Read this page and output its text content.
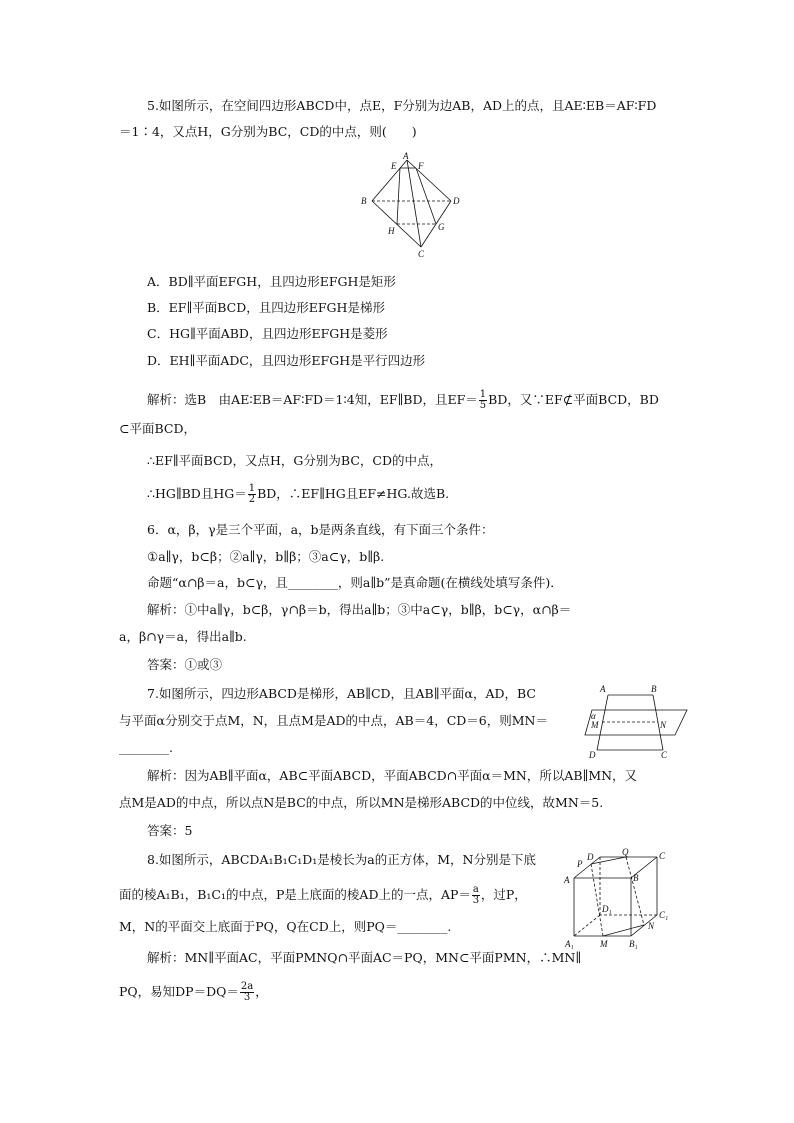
5.如图所示，在空间四边形ABCD中，点E，F分别为边AB，AD上的点，且AE∶EB＝AF∶FD
＝1∶4，又点H，G分别为BC，CD的中点，则(　　)
A
E F
B	D
H	G
C
A．BD∥平面EFGH，且四边形EFGH是矩形
B．EF∥平面BCD，且四边形EFGH是梯形
C．HG∥平面ABD，且四边形EFGH是菱形
D．EH∥平面ADC，且四边形EFGH是平行四边形
解析：选B　由AE∶EB＝AF∶FD＝1∶4知，EF∥BD，且$EF= \frac{1}{5}$ BD，又∵EF⊄平面BCD，BD
⊂平面BCD，
∴EF∥平面BCD，又点H，G分别为BC，CD的中点，
∴HG∥BD且$HG= \frac{1}{2}$ BD，∴EF∥HG且EF≠HG.故选B.
6．α，β，γ是三个平面，a，b是两条直线，有下面三个条件：
①a∥γ，b⊂β；②a∥γ，b∥β；③a⊂γ，b∥β.
命题“α∩β＝a，b⊂γ，且________，则a∥b”是真命题(在横线处填写条件)．
解析：①中a∥γ，b⊂β，γ∩β＝b，得出a∥b；③中a⊂γ，b∥β，b⊂γ，α∩β＝
a，β∩γ＝a，得出a∥b.
答案：①或③
7.如图所示，四边形ABCD是梯形，AB∥CD，且AB∥平面α，AD，BC
与平面α分别交于点M，N，且点M是AD的中点，AB＝4，CD＝6，则MN＝
________.
A	B
α
M	N
D	C
解析：因为AB∥平面α，AB⊂平面ABCD，平面ABCD∩平面α＝MN，所以AB∥MN，又
点M是AD的中点，所以点N是BC的中点，所以MN是梯形ABCD的中位线，故MN＝5.
答案：5
8.如图所示，ABCDA₁B₁C₁D₁是棱长为a的正方体，M，N分别是下底
面的棱A₁B₁，B₁C₁的中点，P是上底面的棱AD上的一点，$AP= \frac{a}{3}$ ，过P，
M，N的平面交上底面于PQ，Q在CD上，则PQ＝________.
D
P
Q	C
A	B
D₁
C₁
N
A₁	M B₁
解析：MN∥平面AC，平面PMNQ∩平面AC＝PQ，MN⊂平面PMN，∴MN∥
PQ，易知$DP=DQ= \frac{2a}{3}$ ，
